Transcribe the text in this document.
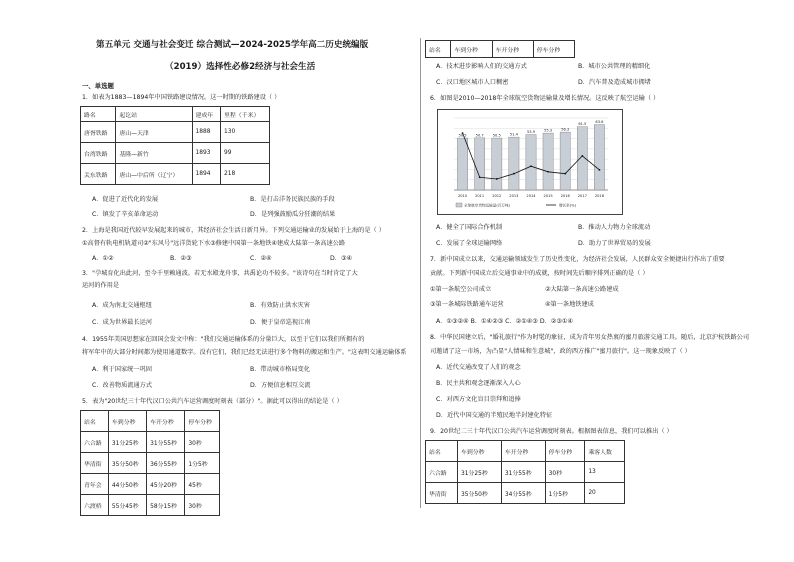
第五单元 交通与社会变迁 综合测试—2024-2025学年高二历史统编版
（2019）选择性必修2经济与社会生活
一、单选题
1．如表为1883—1894年中国铁路建设情况。这一时期的铁路建设（ ）
路名	起讫站	建成年	里程（千米）
唐胥铁路	唐山—天津	1888	130
台湾铁路	基隆—新竹	1893	99
关东铁路	唐山—中后所（辽宁）	1894	218
A．促进了近代化的发展	B．是打击洋务民族民族的手段
C．镇发了辛亥革命运动	D．是列强鼓励瓜分狂潮的结果
2．上海是我国近代较早发展起来的城市，其经济社会生活日新月异。下列交通运输业的发展始于上海的是（ ）
①高督有轨电机轨道司②"东风号"远洋货轮下水③修建中国第一条地铁④建成大陆第一条高速公路
A．①②	B．②③	C．②④	D．③④
3．"孕城育化出此河，至今千里赖通波。若无水殿龙舟事，共禹论功不较多。"该诗句在当时肯定了大
运河的作用是
A．成为南北交通枢纽	B．有效防止洪水灾害
C．成为世界最长运河	D．便于皇帝巡视江南
4．1955年美国思想家在回国会发文中称："我们交通运输体系的分量巨大，以至于它们以我们所拥有的
将军年中的大部分时间都为使用通道数字。没有它们，我们已经无法进行多个物料的搬运和生产。"这表明交通运输体系
A．利于国家统一巩固	B．带动城市格局变化
C．改善物质流通方式	D．方便信息相互交流
5．表为"20世纪三十年代汉口公共汽车运营调度时刻表（部分）"。据此可以得出的结论是（ ）
站名	车到分秒	车开分秒	停车分秒
六合路	31分25秒	31分55秒	30秒
华清街	35分50秒	36分55秒	1分5秒
青年会	44分50秒	45分20秒	45秒
六渡桥	55分45秒	58分15秒	30秒
站名	车到分秒	车开分秒	停车分秒
A．技术进步影响人们的交通方式	B．城市公共管理的精细化
C．汉口地区城市人口稠密	D．汽车普及造成城市拥堵
6．如图是2010—2018年全球航空货物运输量及增长情况。这反映了航空运输（ ）
50.5
2010
50.7
2011
50.5
2012
51.4
2013
53.9
2014
55.3
2015
56.3
2016
61.5
2017
63.6
2018
全球航空货物运输量(百万吨)	增长率(%)
A．健全了国际合作机制	B．推动人力物力全球流动
C．发展了全球运输网络	D．助力了世界贸易的发展
7．新中国成立以来，交通运输领域发生了历史性变化，为经济社会发展，人民群众安全便捷出行作出了重要
贡献。下列新中国成立后交通事业中的成就，按时间先后顺序排列正确的是（ ）
①第一条航空公司成立	②大陆第一条高速公路建成
③第一条城际铁路通车运营	④第一条地铁建成
A．①③②④ B．①④②③ C．②①④③ D．②③①④
8．中华民国建立后，"婚礼旅行"作为时髦的象征，成为青年男女热衷的蜜月旅游交通工具。随后，北京沪杭铁路公司
司邀请了这一市场，为凸显"人情味和生意城"，政的西方推广"蜜月旅行"。这一现象反映了（ ）
A．近代交通改变了人们的观念
B．民主共和观念逐渐深入人心
C．对西方文化盲目崇拜和追捧
D．近代中国交通的半殖民地半封建化特征
9．20世纪二三十年代汉口公共汽车运营调度时刻表。根据图表信息，我们可以推出（ ）
站名	车到分秒	车开分秒	停车分秒	乘客人数
六合路	31分25秒	31分55秒	30秒	13
华清街	35分50秒	34分55秒	1分5秒	20
